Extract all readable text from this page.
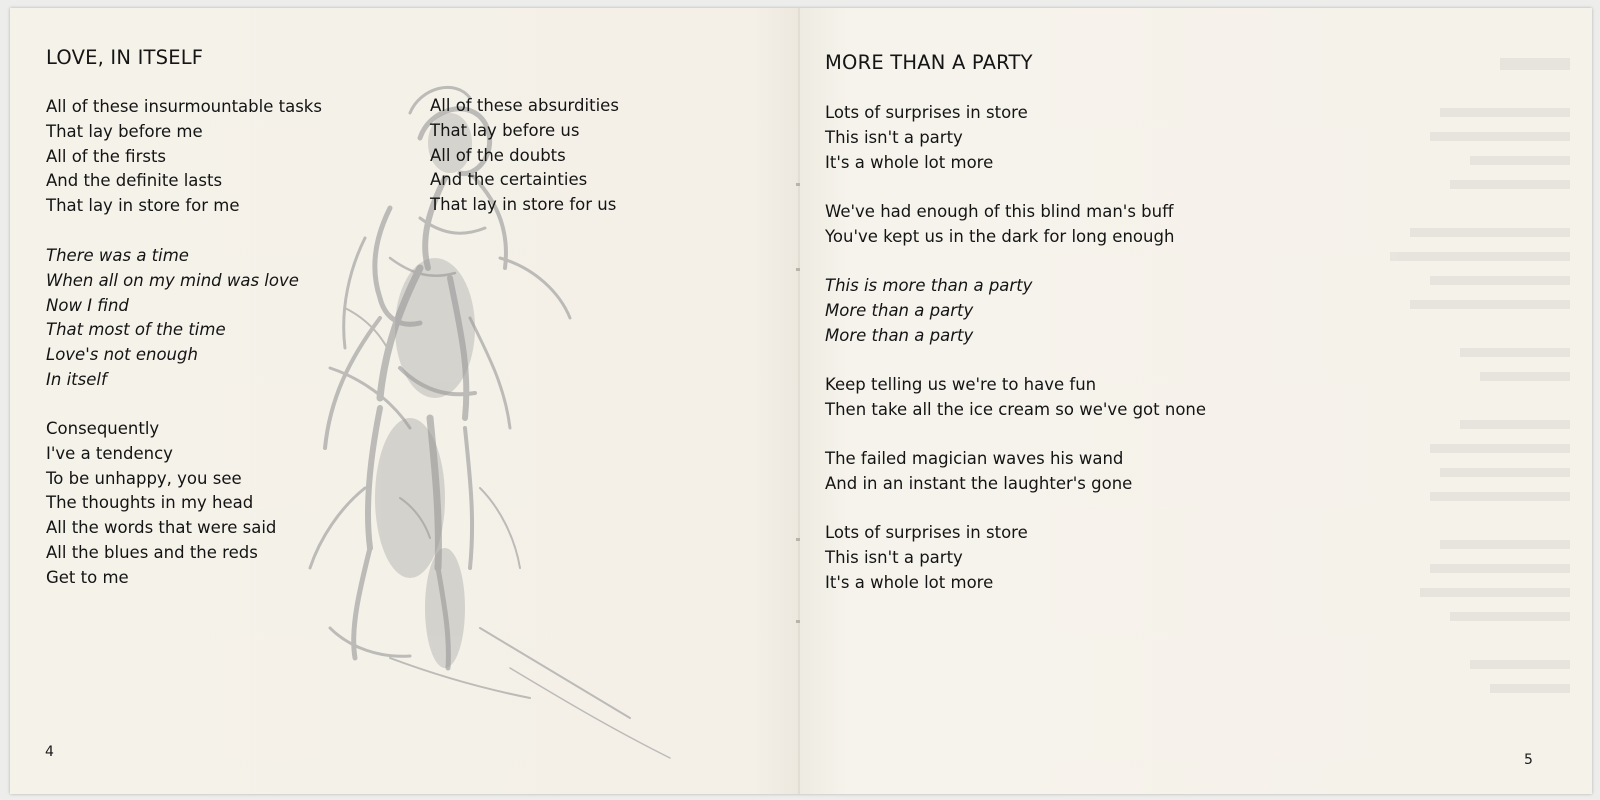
LOVE, IN ITSELF
All of these insurmountable tasks
That lay before me
All of the firsts
And the definite lasts
That lay in store for me
There was a time
When all on my mind was love
Now I find
That most of the time
Love's not enough
In itself
Consequently
I've a tendency
To be unhappy, you see
The thoughts in my head
All the words that were said
All the blues and the reds
Get to me
All of these absurdities
That lay before us
All of the doubts
And the certainties
That lay in store for us
4
MORE THAN A PARTY
Lots of surprises in store
This isn't a party
It's a whole lot more
We've had enough of this blind man's buff
You've kept us in the dark for long enough
This is more than a party
More than a party
More than a party
Keep telling us we're to have fun
Then take all the ice cream so we've got none
The failed magician waves his wand
And in an instant the laughter's gone
Lots of surprises in store
This isn't a party
It's a whole lot more
5
